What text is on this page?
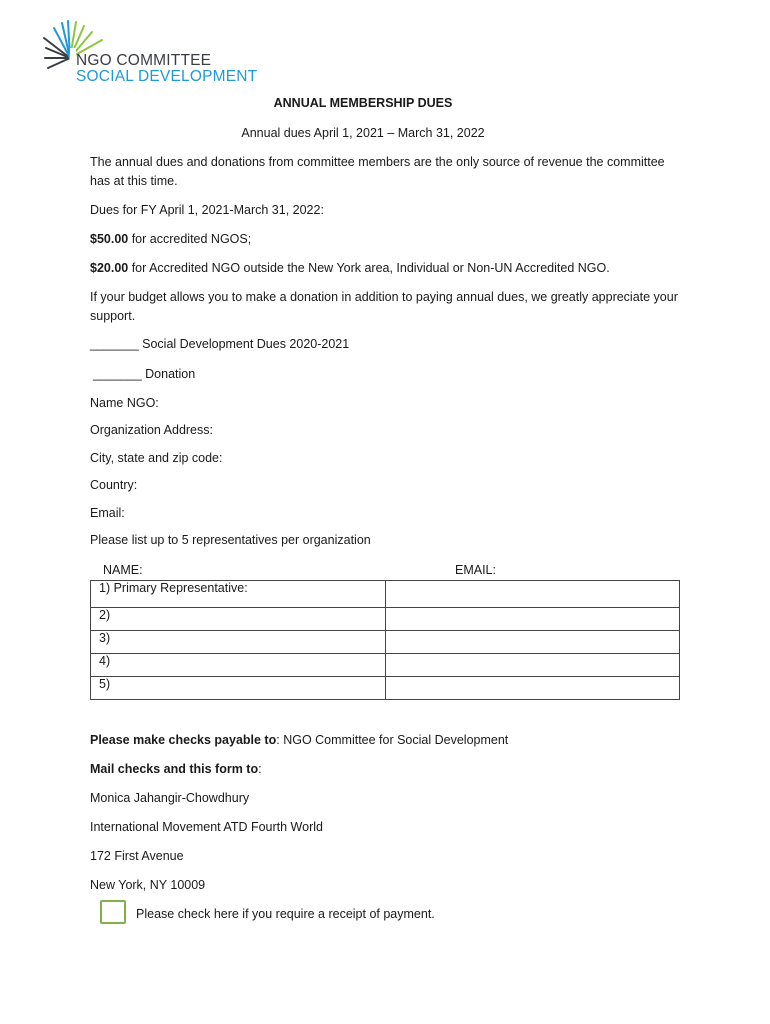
NGO COMMITTEE
SOCIAL DEVELOPMENT
ANNUAL MEMBERSHIP DUES
Annual dues April 1, 2021 – March 31, 2022
The annual dues and donations from committee members are the only source of revenue the committee has at this time.
Dues for FY April 1, 2021-March 31, 2022:
$50.00 for accredited NGOS;
$20.00 for Accredited NGO outside the New York area, Individual or Non-UN Accredited NGO.
If your budget allows you to make a donation in addition to paying annual dues, we greatly appreciate your support.
_______ Social Development Dues 2020-2021
_______ Donation
Name NGO:
Organization Address:
City, state and zip code:
Country:
Email:
Please list up to 5 representatives per organization
NAME:	EMAIL:
1) Primary Representative:	
2)	
3)	
4)	
5)	
Please make checks payable to: NGO Committee for Social Development
Mail checks and this form to:
Monica Jahangir-Chowdhury
International Movement ATD Fourth World
172 First Avenue
New York, NY 10009
Please check here if you require a receipt of payment.
